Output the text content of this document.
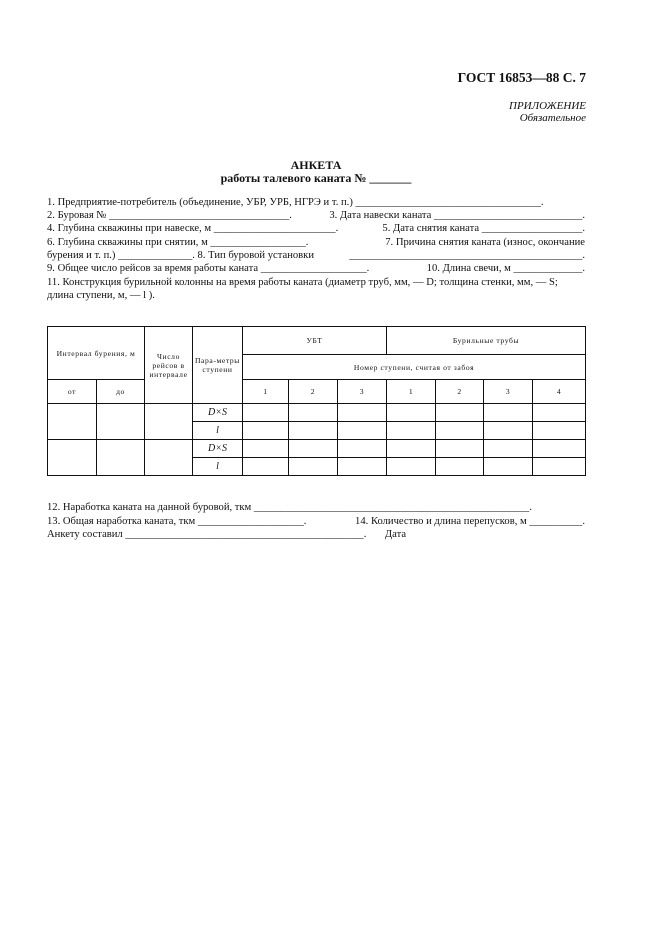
ГОСТ 16853—88 С. 7
ПРИЛОЖЕНИЕ
Обязательное
АНКЕТА
работы талевого каната № _______
1. Предприятие-потребитель (объединение, УБР, УРБ, НГРЭ и т. п.) ___________________________________.
2. Буровая № __________________________________.	3. Дата навески каната ____________________________.
4. Глубина скважины при навеске, м _______________________.	5. Дата снятия каната ___________________.
6. Глубина скважины при снятии, м __________________.	7. Причина снятия каната (износ, окончание
бурения и т. п.) ______________. 8. Тип буровой установки	____________________________________________.
9. Общее число рейсов за время работы каната ____________________.	10. Длина свечи, м _____________.
11. Конструкция бурильной колонны на время работы каната (диаметр труб, мм, — D; толщина стенки, мм, — S;
длина ступени, м, — l ).
Интервал бурения, м		Число рейсов в интервале	Пара-метры ступени	УБТ			Бурильные трубы			
				Номер ступени, считая от забоя						
от	до			1	2	3	1	2	3	4
			D×S							
			l							
			D×S							
			l							
12. Наработка каната на данной буровой, ткм ____________________________________________________.
13. Общая наработка каната, ткм ____________________.	14. Количество и длина перепусков, м __________.
Анкету составил _____________________________________________.       Дата
